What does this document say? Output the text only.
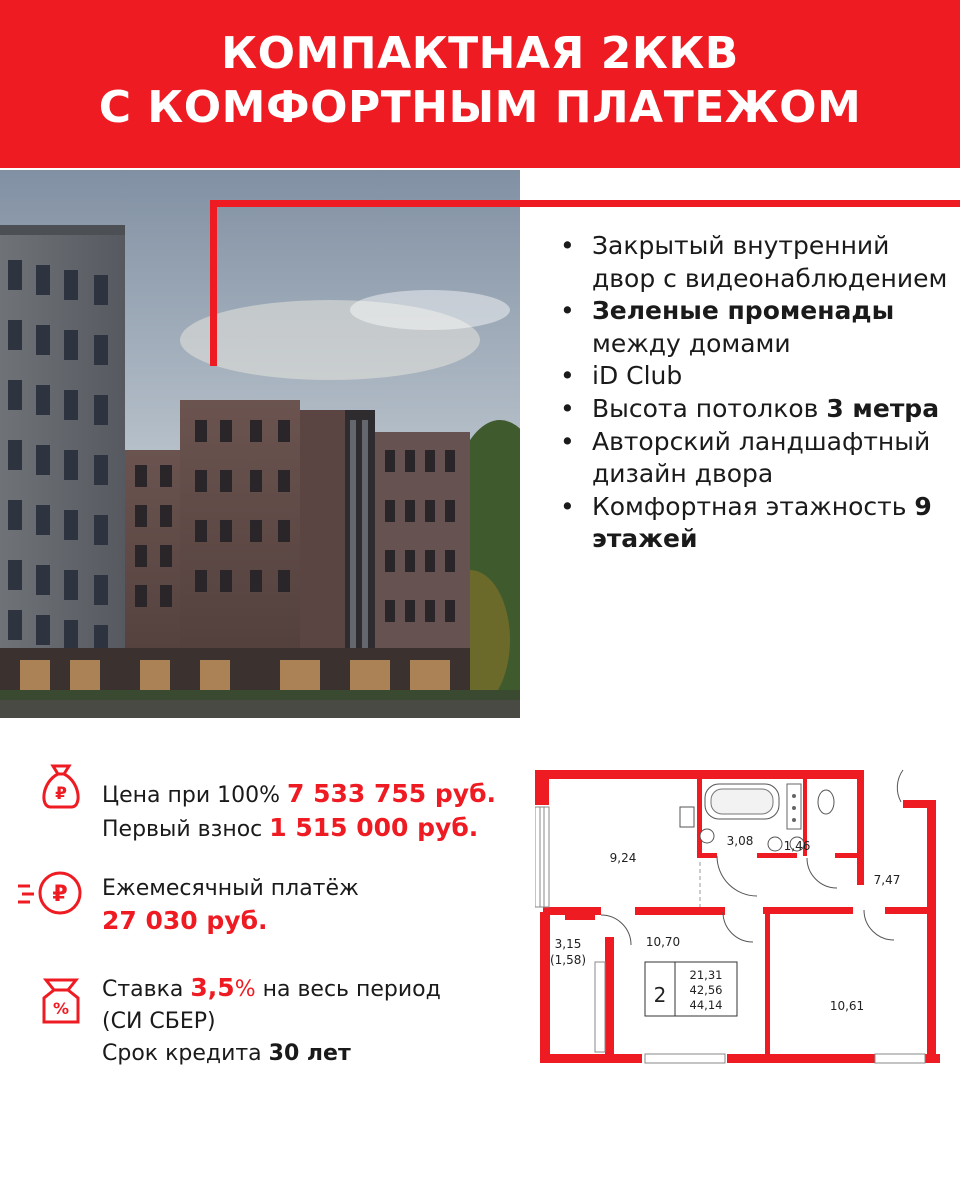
КОМПАКТНАЯ 2ККВ
С КОМФОРТНЫМ ПЛАТЕЖОМ
• Закрытый внутренний двор с видеонаблюдением
• Зеленые променады между домами
• iD Club
• Высота потолков 3 метра
• Авторский ландшафтный дизайн двора
• Комфортная этажность 9 этажей
₽
₽
%
Цена при 100% 7 533 755 руб.
Первый взнос 1 515 000 руб.
Ежемесячный платёж
27 030 руб.
Ставка 3,5% на весь период
(СИ СБЕР)
Срок кредита 30 лет
9,24
3,08	1,46
7,47
10,70
3,15
(1,58)
10,61
2
21,31
42,56
44,14
